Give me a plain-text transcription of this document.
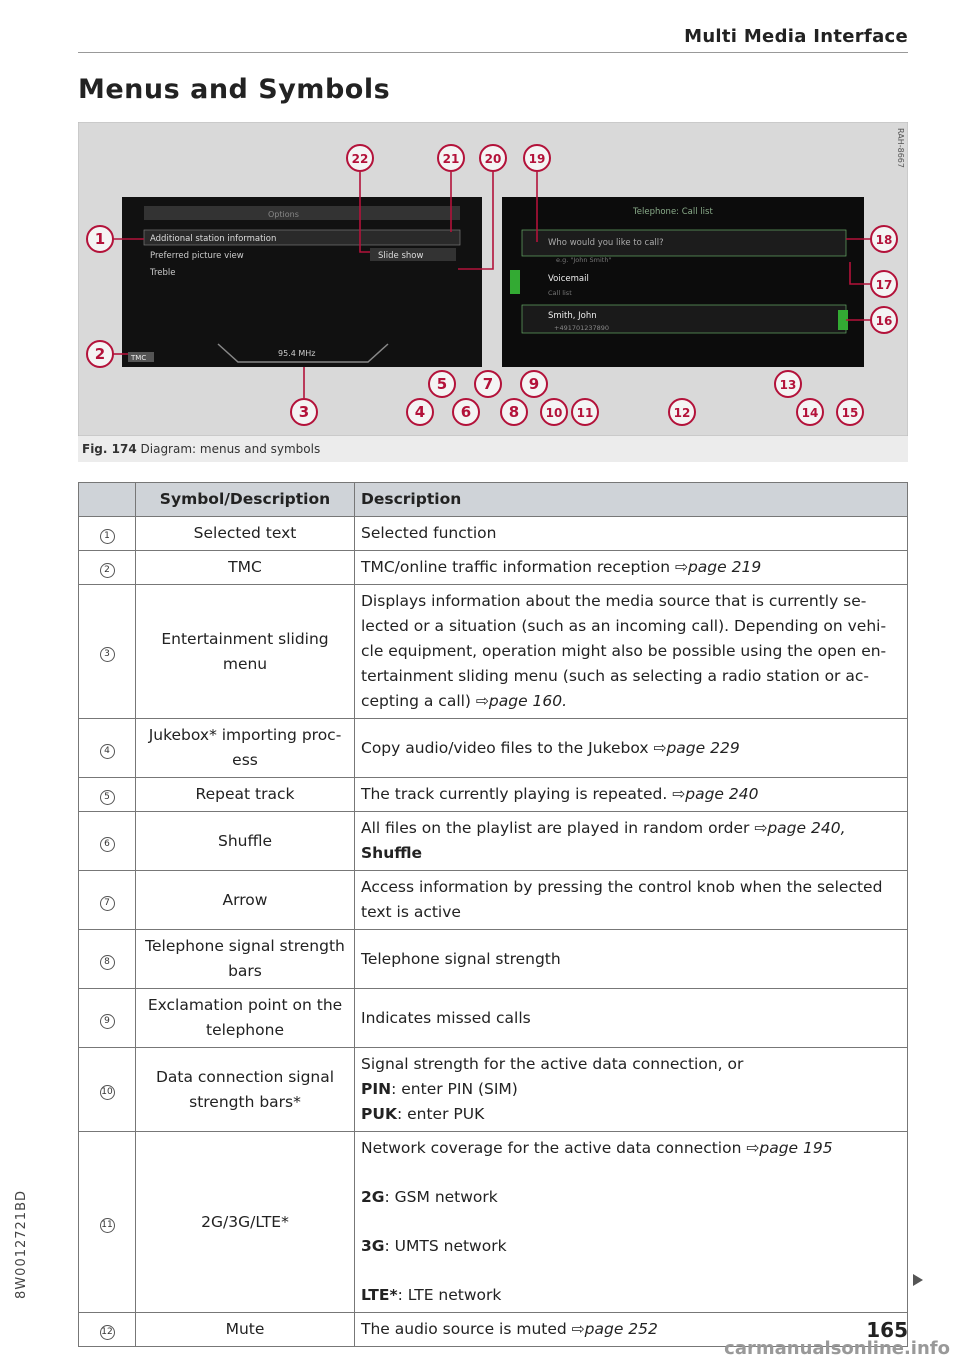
Multi Media Interface
Menus and Symbols
Options
Additional station information
Preferred picture view
Treble
Slide show
TMC	95.4 MHz
Telephone: Call list
Who would you like to call?
e.g. "John Smith"
Voicemail
Call list
Smith, John
+491701237890
1
2
3	4
5
6
7
8
9
10 11	12
13
14 15
16
17
18
19
20
21
22	RAH-8667
Fig. 174 Diagram: menus and symbols
	Symbol/Description	Description
1	Selected text	Selected function
2	TMC	TMC/online traffic information reception ⇨page 219
3	Entertainment sliding menu	Displays information about the media source that is currently se-lected or a situation (such as an incoming call). Depending on vehi-cle equipment, operation might also be possible using the open en-tertainment sliding menu (such as selecting a radio station or ac-cepting a call) ⇨page 160.
4	Jukebox* importing proc-ess	Copy audio/video files to the Jukebox ⇨page 229
5	Repeat track	The track currently playing is repeated. ⇨page 240
6	Shuffle	All files on the playlist are played in random order ⇨page 240,
Shuffle
7	Arrow	Access information by pressing the control knob when the selected text is active
8	Telephone signal strength bars	Telephone signal strength
9	Exclamation point on the telephone	Indicates missed calls
10	Data connection signal strength bars*	Signal strength for the active data connection, or
PIN: enter PIN (SIM)
PUK: enter PUK

11	2G/3G/LTE*	Network coverage for the active data connection ⇨page 195
2G: GSM network
3G: UMTS network
LTE*: LTE network

12	Mute	The audio source is muted ⇨page 252
8W0012721BD
165
carmanualsonline.info
